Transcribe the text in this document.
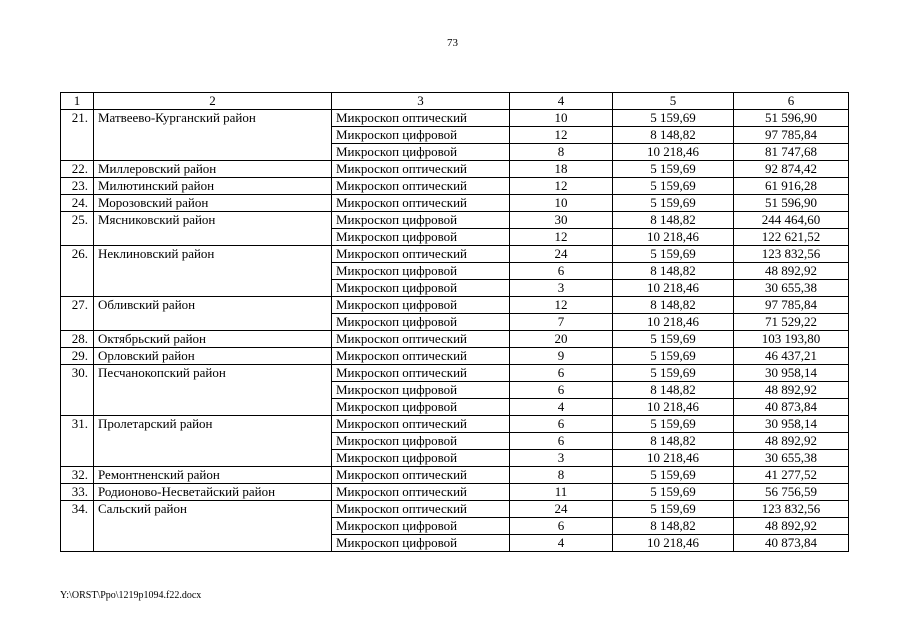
73
1	2	3	4	5	6
21.	Матвеево-Курганский район	Микроскоп оптический	10	5 159,69	51 596,90
		Микроскоп цифровой	12	8 148,82	97 785,84
		Микроскоп цифровой	8	10 218,46	81 747,68
22.	Миллеровский район	Микроскоп оптический	18	5 159,69	92 874,42
23.	Милютинский район	Микроскоп оптический	12	5 159,69	61 916,28
24.	Морозовский район	Микроскоп оптический	10	5 159,69	51 596,90
25.	Мясниковский район	Микроскоп цифровой	30	8 148,82	244 464,60
		Микроскоп цифровой	12	10 218,46	122 621,52
26.	Неклиновский район	Микроскоп оптический	24	5 159,69	123 832,56
		Микроскоп цифровой	6	8 148,82	48 892,92
		Микроскоп цифровой	3	10 218,46	30 655,38
27.	Обливский район	Микроскоп цифровой	12	8 148,82	97 785,84
		Микроскоп цифровой	7	10 218,46	71 529,22
28.	Октябрьский район	Микроскоп оптический	20	5 159,69	103 193,80
29.	Орловский район	Микроскоп оптический	9	5 159,69	46 437,21
30.	Песчанокопский район	Микроскоп оптический	6	5 159,69	30 958,14
		Микроскоп цифровой	6	8 148,82	48 892,92
		Микроскоп цифровой	4	10 218,46	40 873,84
31.	Пролетарский район	Микроскоп оптический	6	5 159,69	30 958,14
		Микроскоп цифровой	6	8 148,82	48 892,92
		Микроскоп цифровой	3	10 218,46	30 655,38
32.	Ремонтненский район	Микроскоп оптический	8	5 159,69	41 277,52
33.	Родионово-Несветайский район	Микроскоп оптический	11	5 159,69	56 756,59
34.	Сальский район	Микроскоп оптический	24	5 159,69	123 832,56
		Микроскоп цифровой	6	8 148,82	48 892,92
		Микроскоп цифровой	4	10 218,46	40 873,84
Y:\ORST\Ppo\1219p1094.f22.docx
